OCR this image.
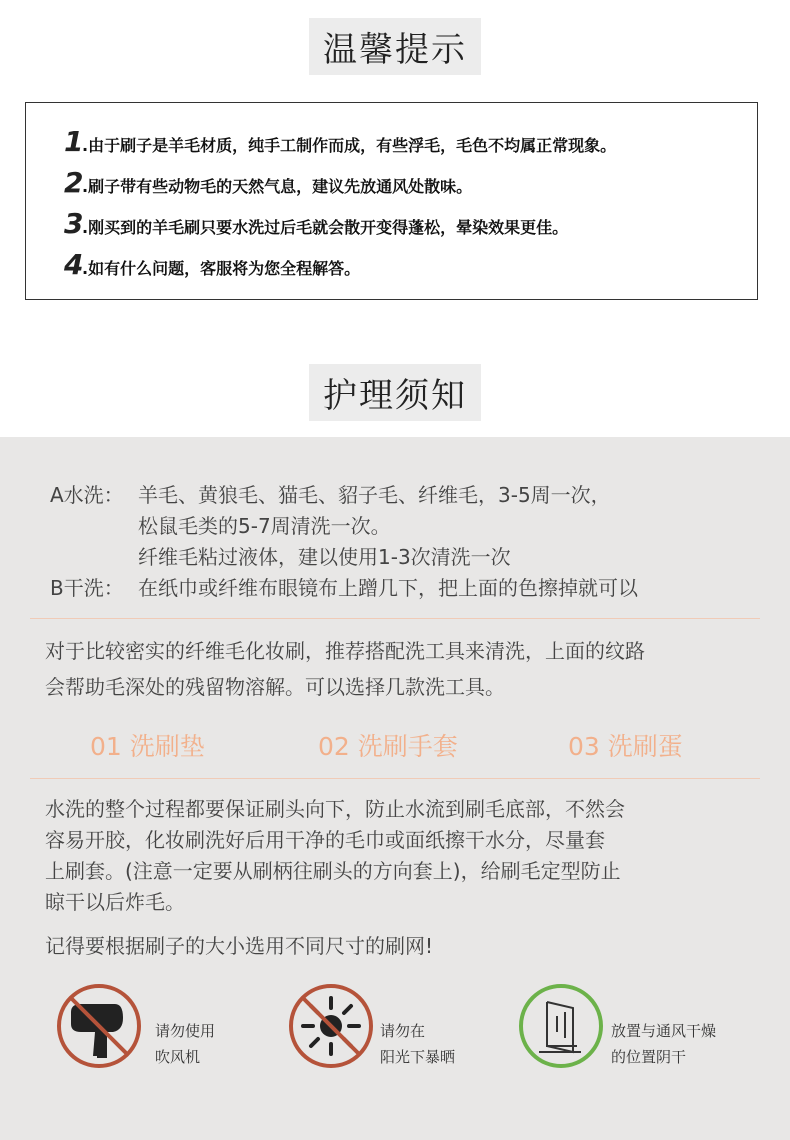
温馨提示
1
.由于刷子是羊毛材质，纯手工制作而成，有些浮毛，毛色不均属正常现象。
2
.刷子带有些动物毛的天然气息，建议先放通风处散味。
3
.刚买到的羊毛刷只要水洗过后毛就会散开变得蓬松，晕染效果更佳。
4
.如有什么问题，客服将为您全程解答。
护理须知
A水洗： 羊毛、黄狼毛、猫毛、貂子毛、纤维毛，3-5周一次，
松鼠毛类的5-7周清洗一次。
纤维毛粘过液体，建以使用1-3次清洗一次
B干洗： 在纸巾或纤维布眼镜布上蹭几下，把上面的色擦掉就可以
对于比较密实的纤维毛化妆刷，推荐搭配洗工具来清洗，上面的纹路
会帮助毛深处的残留物溶解。可以选择几款洗工具。
01 洗刷垫	02 洗刷手套	03 洗刷蛋
水洗的整个过程都要保证刷头向下，防止水流到刷毛底部，不然会
容易开胶，化妆刷洗好后用干净的毛巾或面纸擦干水分，尽量套
上刷套。(注意一定要从刷柄往刷头的方向套上)，给刷毛定型防止
晾干以后炸毛。
记得要根据刷子的大小选用不同尺寸的刷网!
请勿使用
吹风机
请勿在
阳光下暴晒
放置与通风干燥
的位置阴干
